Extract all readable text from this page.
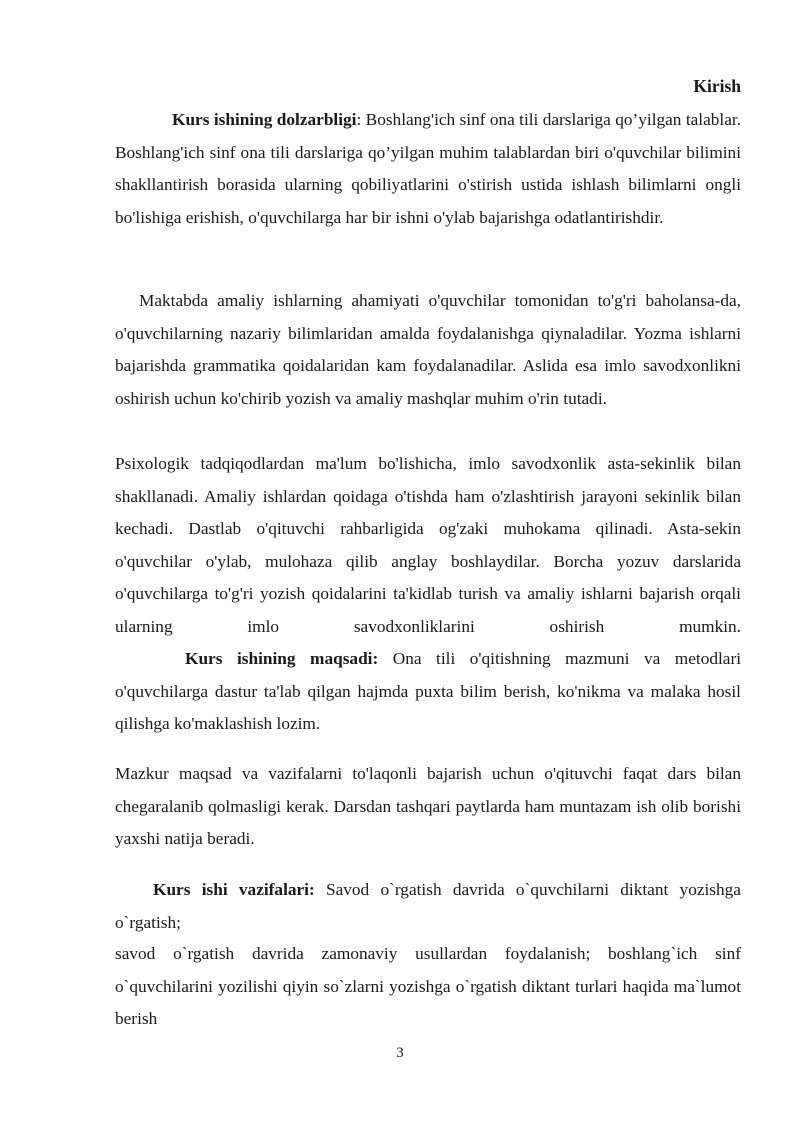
Kirish

Kurs ishining dolzarbligi: Boshlang'ich sinf ona tili darslariga qo’yilgan talablar. Boshlang'ich sinf ona tili darslariga qo’yilgan muhim talablardan biri o'quvchilar bilimini shakllantirish borasida ularning qobiliyatlarini o'stirish ustida ishlash bilimlarni ongli bo'lishiga erishish, o'quvchilarga har bir ishni o'ylab bajarishga odatlantirishdir.

Maktabda amaliy ishlarning ahamiyati o'quvchilar tomonidan to'g'ri baholansa-da, o'quvchilarning nazariy bilimlaridan amalda foydalanishga qiynaladilar. Yozma ishlarni bajarishda grammatika qoidalaridan kam foydalanadilar. Aslida esa imlo savodxonlikni oshirish uchun ko'chirib yozish va amaliy mashqlar muhim o'rin tutadi.

Psixologik tadqiqodlardan ma'lum bo'lishicha, imlo savodxonlik asta-sekinlik bilan shakllanadi. Amaliy ishlardan qoidaga o'tishda ham o'zlashtirish jarayoni sekinlik bilan kechadi. Dastlab o'qituvchi rahbarligida og'zaki muhokama qilinadi. Asta-sekin o'quvchilar o'ylab, mulohaza qilib anglay boshlaydilar. Borcha yozuv darslarida o'quvchilarga to'g'ri yozish qoidalarini ta'kidlab turish va amaliy ishlarni bajarish orqali ularning imlo savodxonliklarini oshirish mumkin.

Kurs ishining maqsadi: Ona tili o'qitishning mazmuni va metodlari o'quvchilarga dastur ta'lab qilgan hajmda puxta bilim berish, ko'nikma va malaka hosil qilishga ko'maklashish lozim.

Mazkur maqsad va vazifalarni to'laqonli bajarish uchun o'qituvchi faqat dars bilan chegaralanib qolmasligi kerak. Darsdan tashqari paytlarda ham muntazam ish olib borishi yaxshi natija beradi.

Kurs ishi vazifalari: Savod o`rgatish davrida o`quvchilarni diktant yozishga o`rgatish;

savod o`rgatish davrida zamonaviy usullardan foydalanish; boshlang`ich sinf o`quvchilarini yozilishi qiyin so`zlarni yozishga o`rgatish diktant turlari haqida ma`lumot berish

3
